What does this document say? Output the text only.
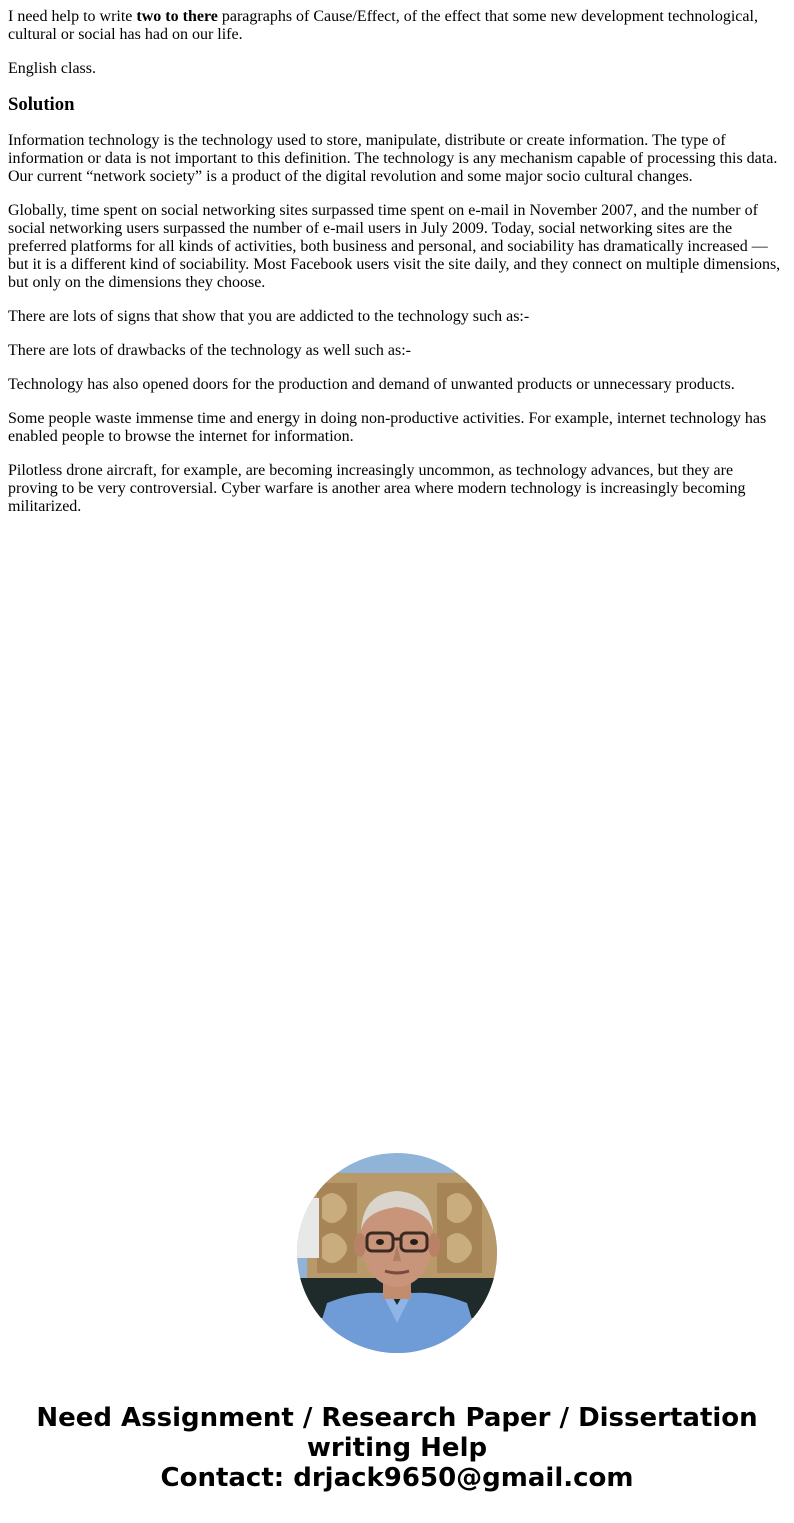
I need help to write two to there paragraphs of Cause/Effect, of the effect that some new development technological, cultural or social has had on our life.

English class.

Solution

Information technology is the technology used to store, manipulate, distribute or create information. The type of information or data is not important to this definition. The technology is any mechanism capable of processing this data. Our current “network society” is a product of the digital revolution and some major socio cultural changes.

Globally, time spent on social networking sites surpassed time spent on e-mail in November 2007, and the number of social networking users surpassed the number of e-mail users in July 2009. Today, social networking sites are the preferred platforms for all kinds of activities, both business and personal, and sociability has dramatically increased — but it is a different kind of sociability. Most Facebook users visit the site daily, and they connect on multiple dimensions, but only on the dimensions they choose.

There are lots of signs that show that you are addicted to the technology such as:-

There are lots of drawbacks of the technology as well such as:-

Technology has also opened doors for the production and demand of unwanted products or unnecessary products.

Some people waste immense time and energy in doing non-productive activities. For example, internet technology has enabled people to browse the internet for information.

Pilotless drone aircraft, for example, are becoming increasingly uncommon, as technology advances, but they are proving to be very controversial. Cyber warfare is another area where modern technology is increasingly becoming militarized.

Need Assignment / Research Paper / Dissertation
writing Help
Contact: drjack9650@gmail.com
